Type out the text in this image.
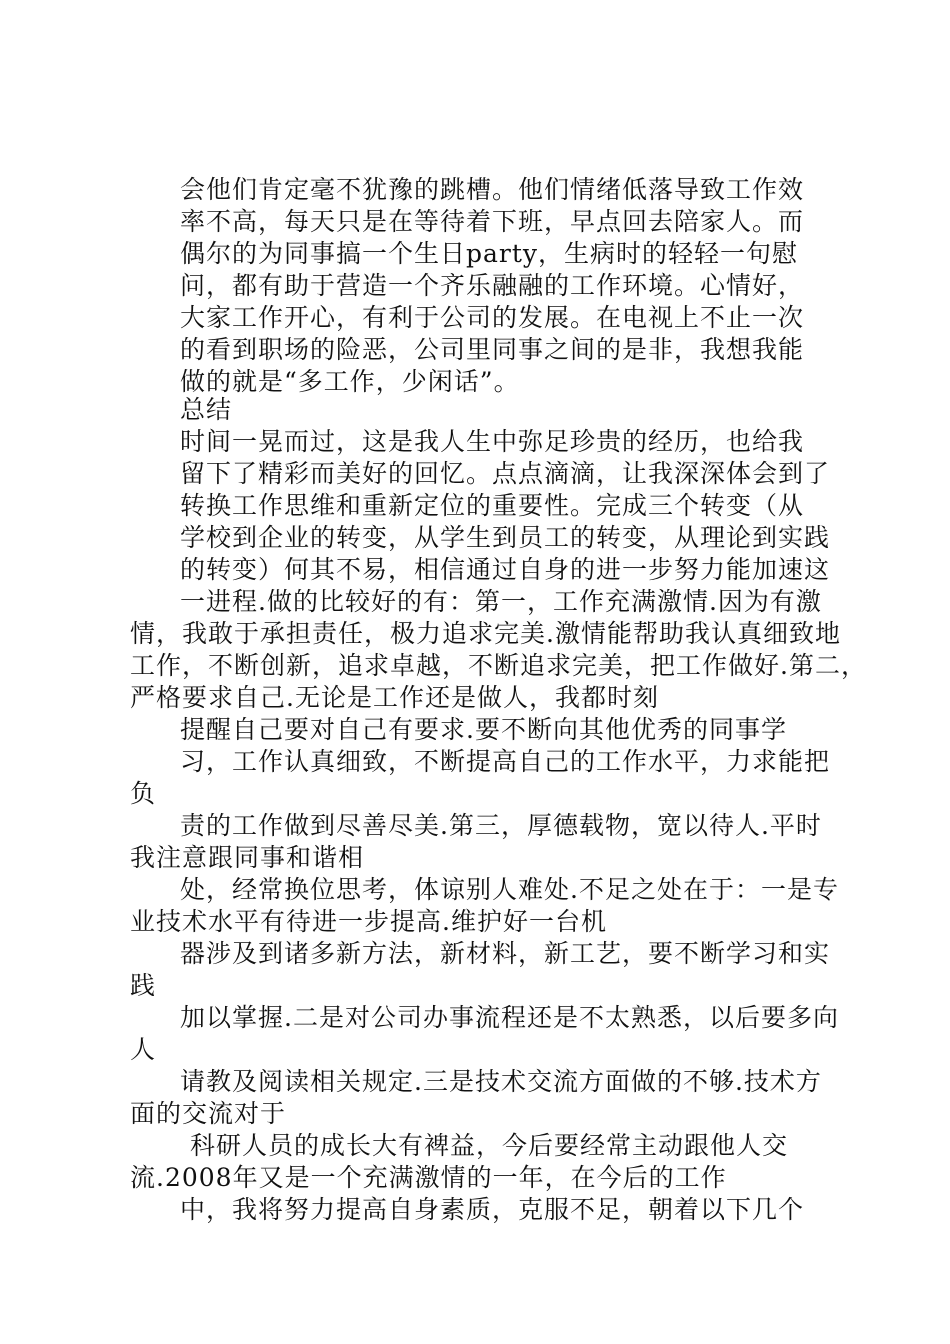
会他们肯定毫不犹豫的跳槽。他们情绪低落导致工作效
率不高，每天只是在等待着下班，早点回去陪家人。而
偶尔的为同事搞一个生日party，生病时的轻轻一句慰
问，都有助于营造一个齐乐融融的工作环境。心情好，
大家工作开心，有利于公司的发展。在电视上不止一次
的看到职场的险恶，公司里同事之间的是非，我想我能
做的就是“多工作，少闲话”。
总结
时间一晃而过，这是我人生中弥足珍贵的经历，也给我
留下了精彩而美好的回忆。点点滴滴，让我深深体会到了
转换工作思维和重新定位的重要性。完成三个转变（从
学校到企业的转变，从学生到员工的转变，从理论到实践
的转变）何其不易，相信通过自身的进一步努力能加速这
一进程.做的比较好的有：第一，工作充满激情.因为有激
情，我敢于承担责任，极力追求完美.激情能帮助我认真细致地
工作，不断创新，追求卓越，不断追求完美，把工作做好.第二，
严格要求自己.无论是工作还是做人，我都时刻
提醒自己要对自己有要求.要不断向其他优秀的同事学
习，工作认真细致，不断提高自己的工作水平，力求能把
负
责的工作做到尽善尽美.第三，厚德载物，宽以待人.平时
我注意跟同事和谐相
处，经常换位思考，体谅别人难处.不足之处在于：一是专
业技术水平有待进一步提高.维护好一台机
器涉及到诸多新方法，新材料，新工艺，要不断学习和实
践
加以掌握.二是对公司办事流程还是不太熟悉，以后要多向
人
请教及阅读相关规定.三是技术交流方面做的不够.技术方
面的交流对于
科研人员的成长大有裨益，今后要经常主动跟他人交
流.2008年又是一个充满激情的一年，在今后的工作
中，我将努力提高自身素质，克服不足，朝着以下几个
